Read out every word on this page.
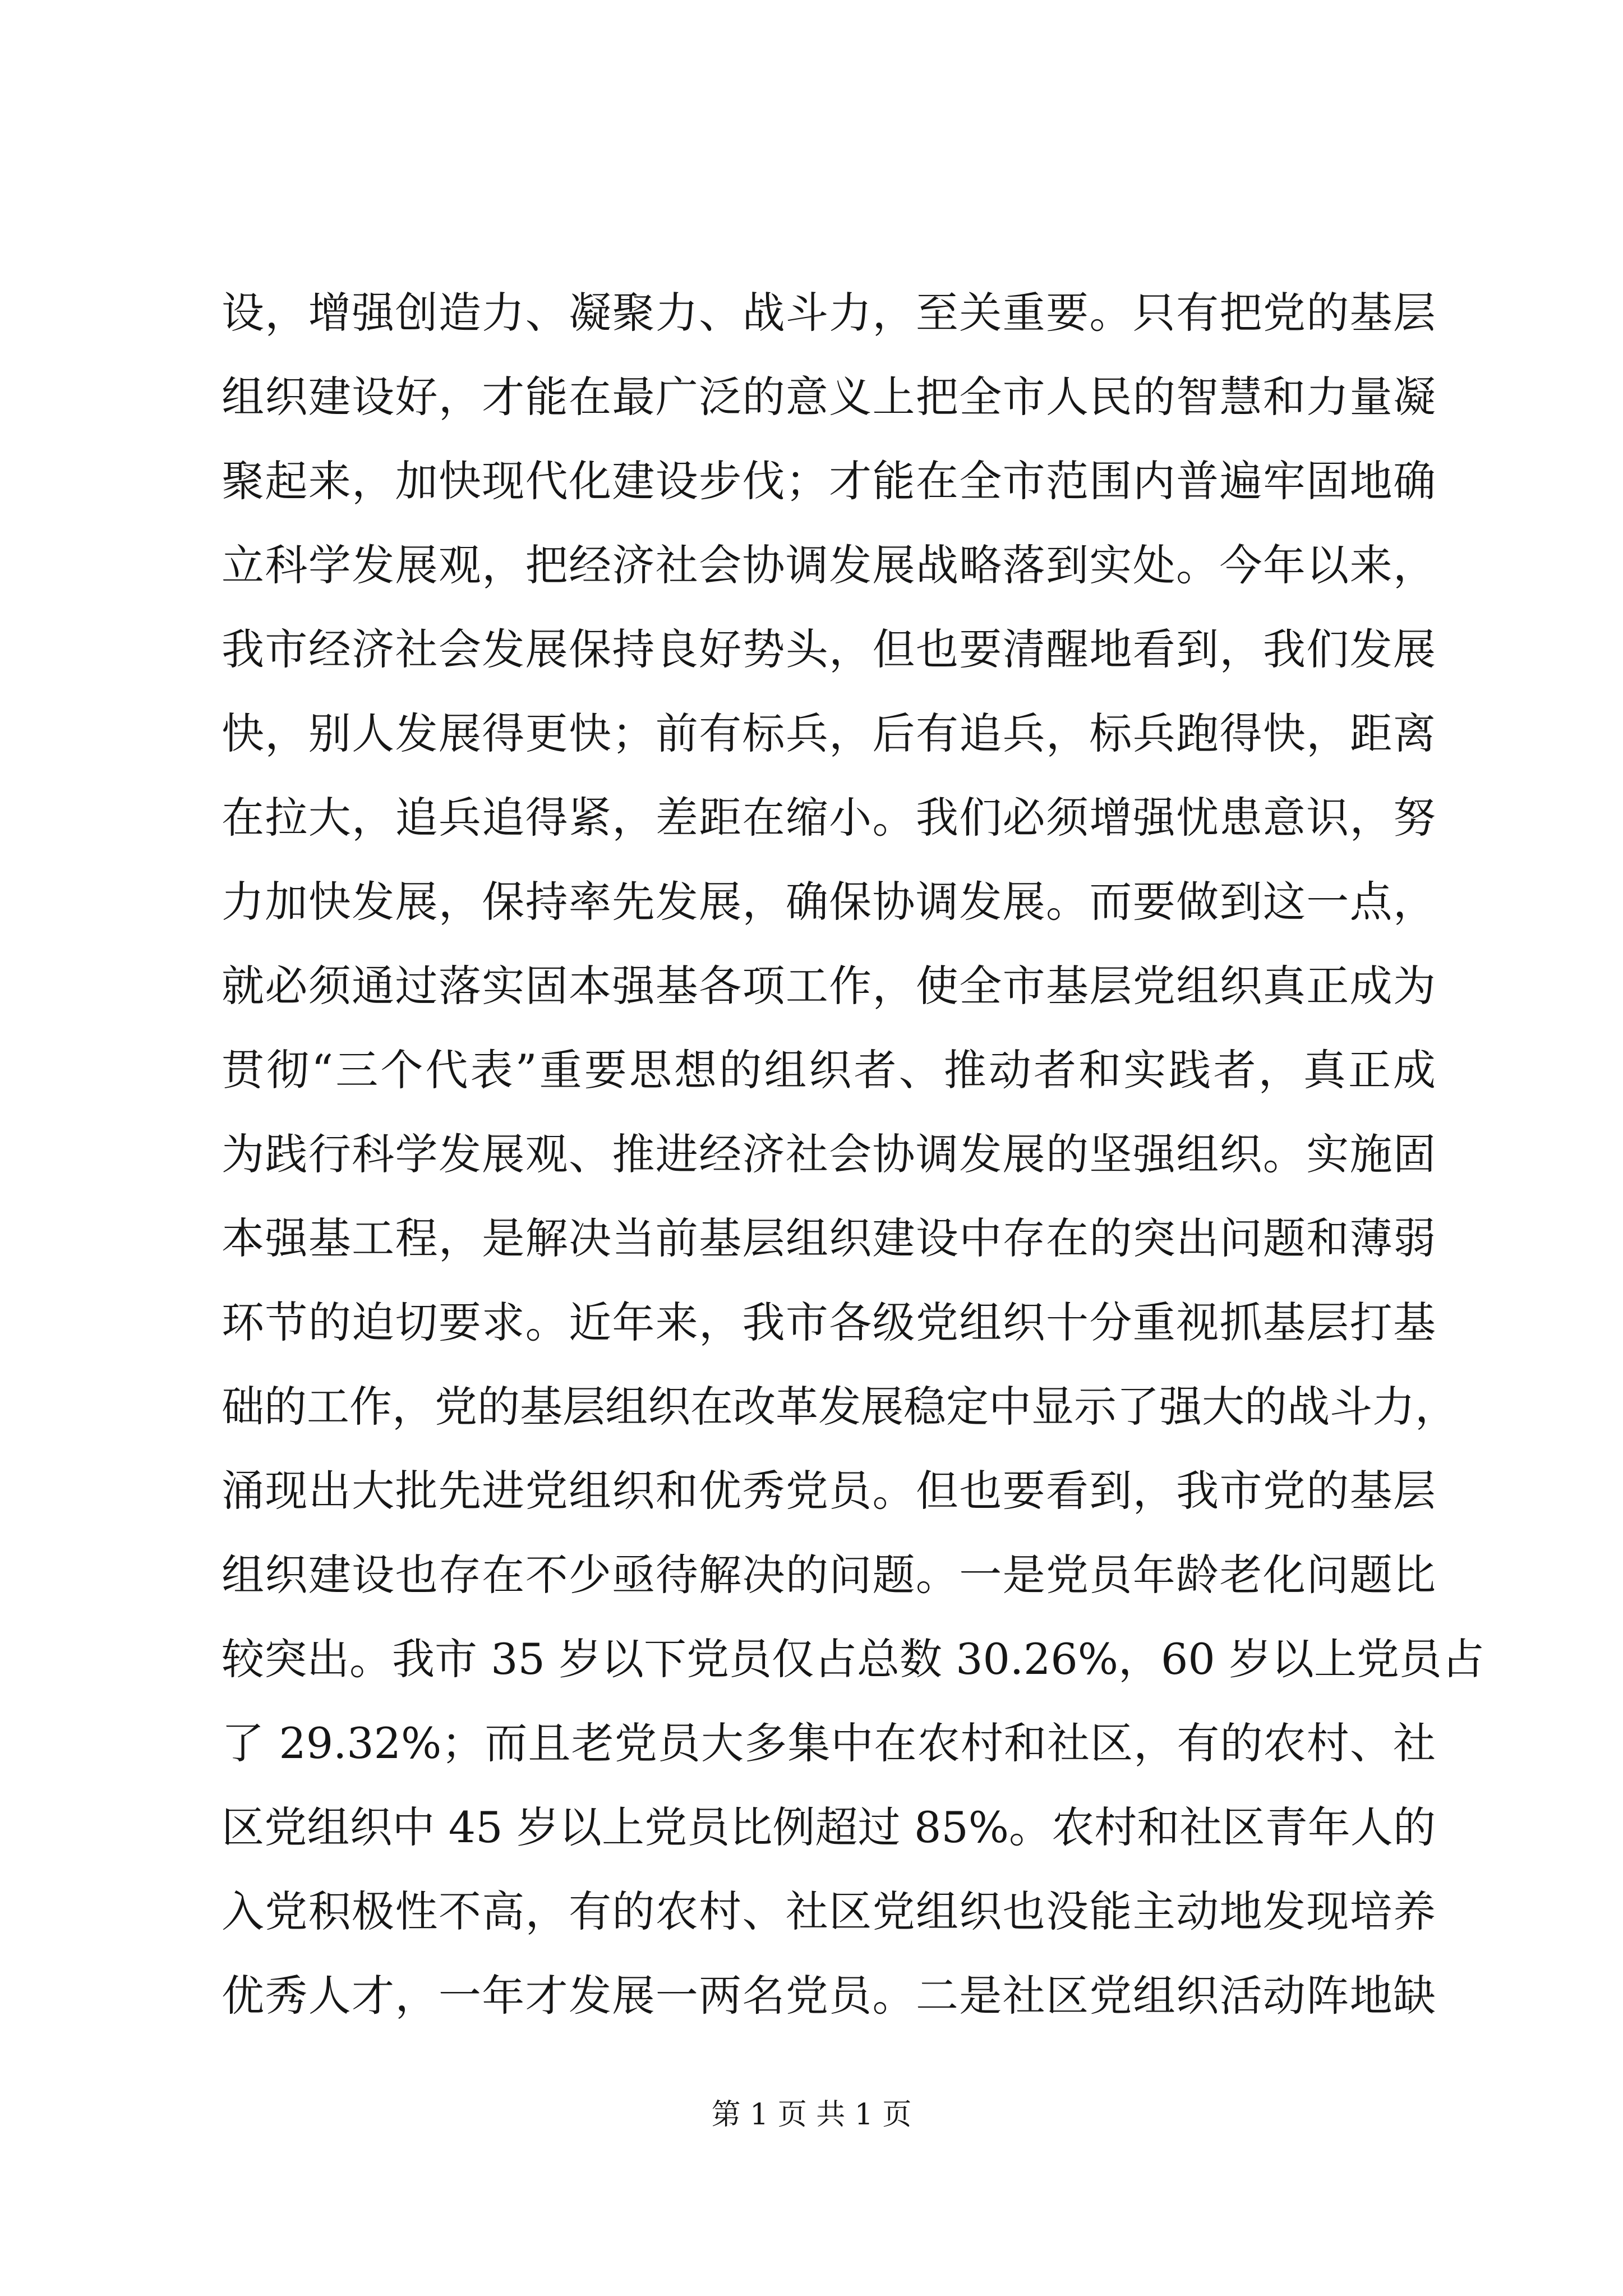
设，增强创造力、凝聚力、战斗力，至关重要。只有把党的基层
组织建设好，才能在最广泛的意义上把全市人民的智慧和力量凝
聚起来，加快现代化建设步伐；才能在全市范围内普遍牢固地确
立科学发展观，把经济社会协调发展战略落到实处。今年以来，
我市经济社会发展保持良好势头，但也要清醒地看到，我们发展
快，别人发展得更快；前有标兵，后有追兵，标兵跑得快，距离
在拉大，追兵追得紧，差距在缩小。我们必须增强忧患意识，努
力加快发展，保持率先发展，确保协调发展。而要做到这一点，
就必须通过落实固本强基各项工作，使全市基层党组织真正成为
贯彻“三个代表”重要思想的组织者、推动者和实践者，真正成
为践行科学发展观、推进经济社会协调发展的坚强组织。实施固
本强基工程，是解决当前基层组织建设中存在的突出问题和薄弱
环节的迫切要求。近年来，我市各级党组织十分重视抓基层打基
础的工作，党的基层组织在改革发展稳定中显示了强大的战斗力，
涌现出大批先进党组织和优秀党员。但也要看到，我市党的基层
组织建设也存在不少亟待解决的问题。一是党员年龄老化问题比
较突出。我市 35 岁以下党员仅占总数 30.26%，60 岁以上党员占
了 29.32%；而且老党员大多集中在农村和社区，有的农村、社
区党组织中 45 岁以上党员比例超过 85%。农村和社区青年人的
入党积极性不高，有的农村、社区党组织也没能主动地发现培养
优秀人才，一年才发展一两名党员。二是社区党组织活动阵地缺
第 1 页 共 1 页
